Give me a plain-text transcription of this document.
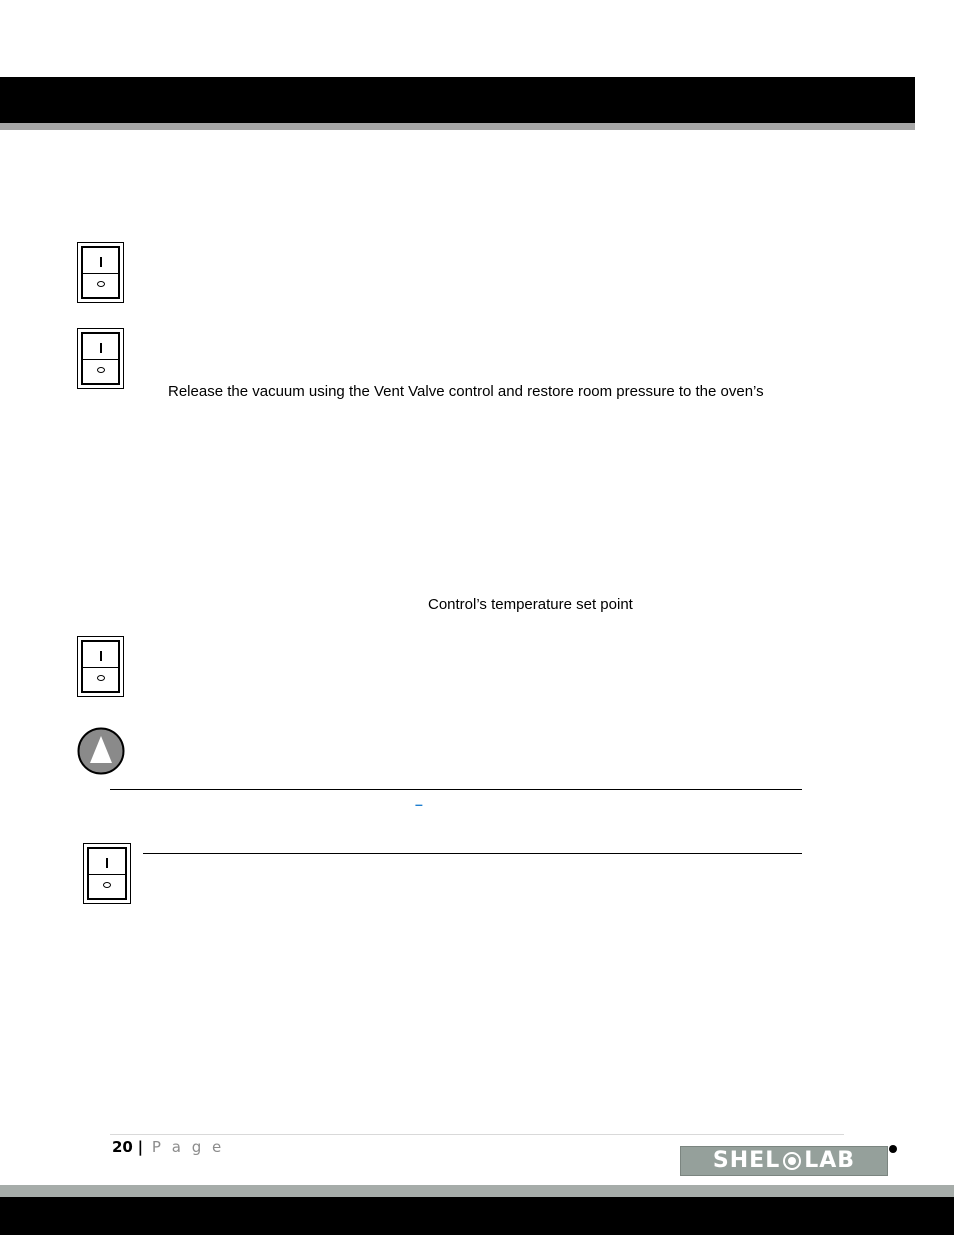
Release the vacuum using the Vent Valve control and restore room pressure to the oven’s
Control’s temperature set point
–
20 | P a g e
SHEL LAB
